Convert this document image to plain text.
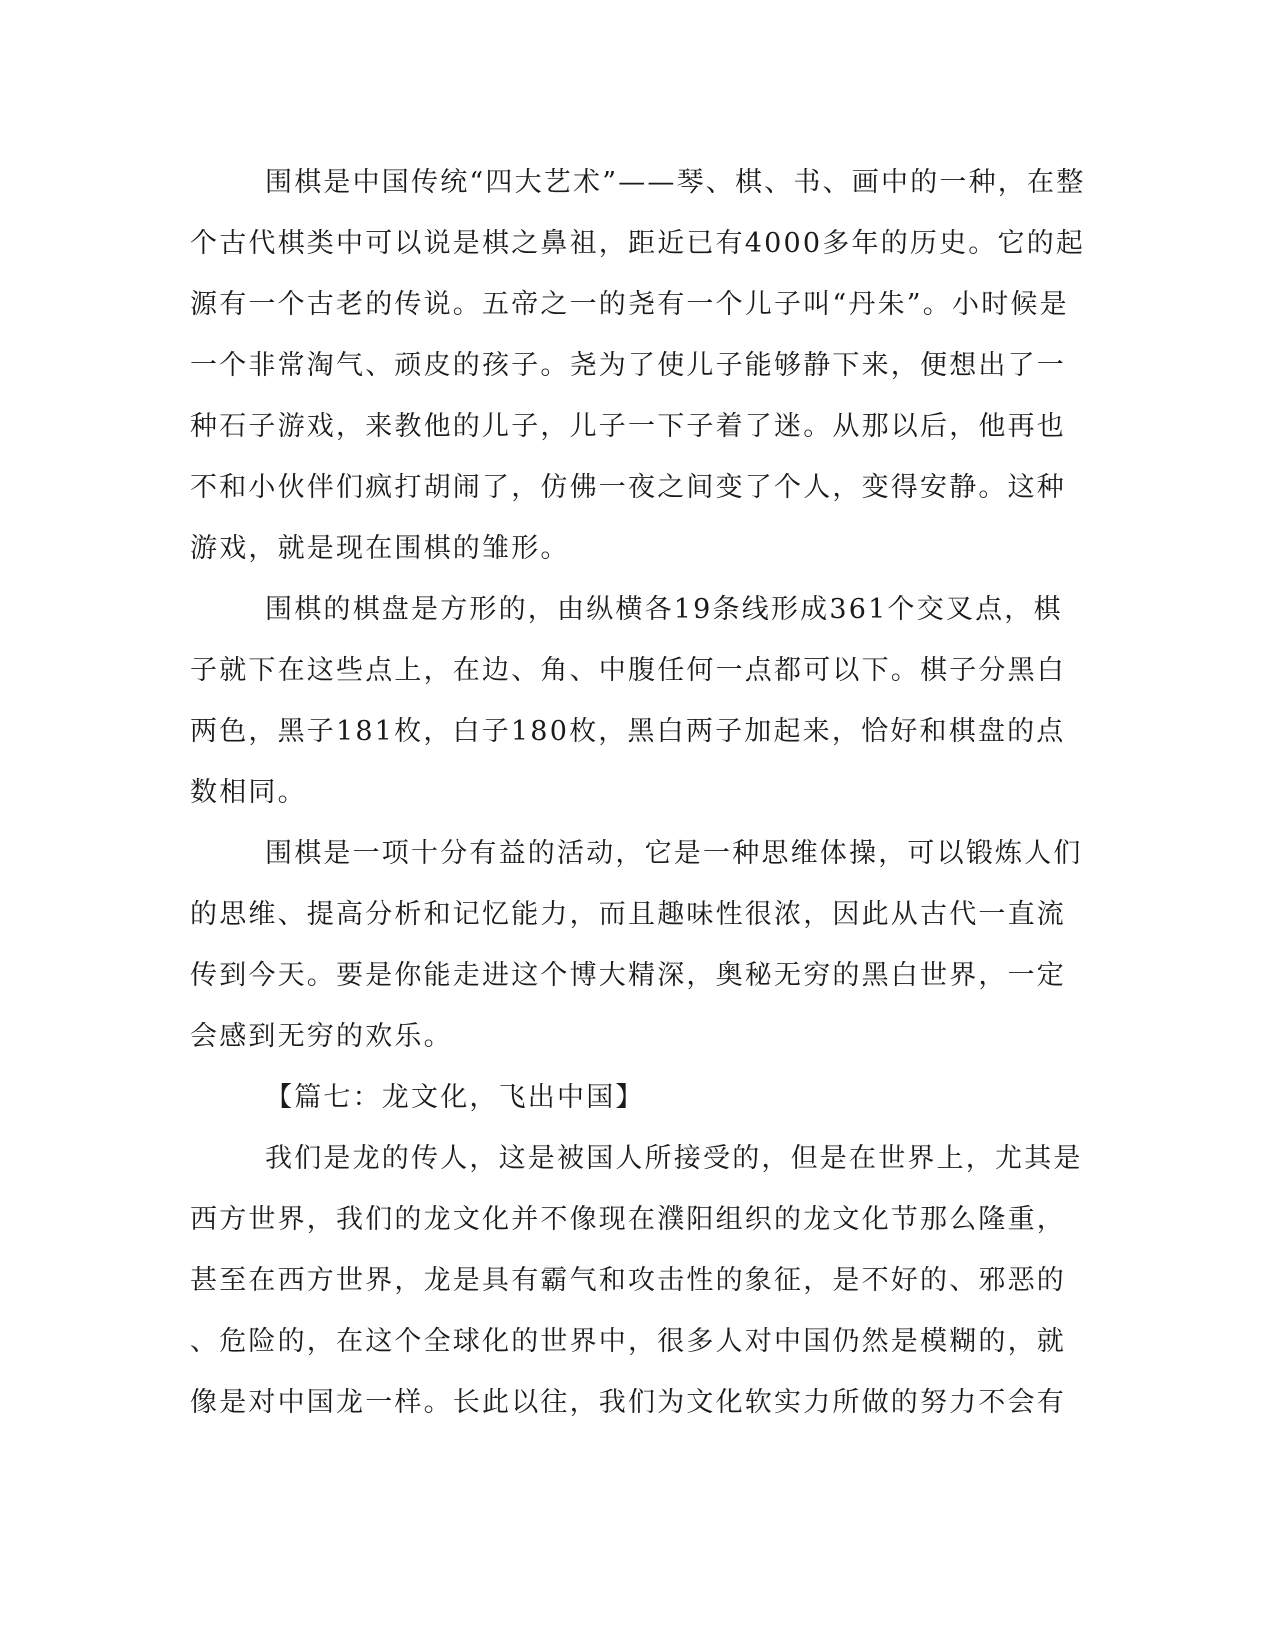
围棋是中国传统“四大艺术”——琴、棋、书、画中的一种，在整
个古代棋类中可以说是棋之鼻祖，距近已有4000多年的历史。它的起
源有一个古老的传说。五帝之一的尧有一个儿子叫“丹朱”。小时候是
一个非常淘气、顽皮的孩子。尧为了使儿子能够静下来，便想出了一
种石子游戏，来教他的儿子，儿子一下子着了迷。从那以后，他再也
不和小伙伴们疯打胡闹了，仿佛一夜之间变了个人，变得安静。这种
游戏，就是现在围棋的雏形。
围棋的棋盘是方形的，由纵横各19条线形成361个交叉点，棋
子就下在这些点上，在边、角、中腹任何一点都可以下。棋子分黑白
两色，黑子181枚，白子180枚，黑白两子加起来，恰好和棋盘的点
数相同。
围棋是一项十分有益的活动，它是一种思维体操，可以锻炼人们
的思维、提高分析和记忆能力，而且趣味性很浓，因此从古代一直流
传到今天。要是你能走进这个博大精深，奥秘无穷的黑白世界，一定
会感到无穷的欢乐。
【篇七：龙文化，飞出中国】
我们是龙的传人，这是被国人所接受的，但是在世界上，尤其是
西方世界，我们的龙文化并不像现在濮阳组织的龙文化节那么隆重，
甚至在西方世界，龙是具有霸气和攻击性的象征，是不好的、邪恶的
、危险的，在这个全球化的世界中，很多人对中国仍然是模糊的，就
像是对中国龙一样。长此以往，我们为文化软实力所做的努力不会有
